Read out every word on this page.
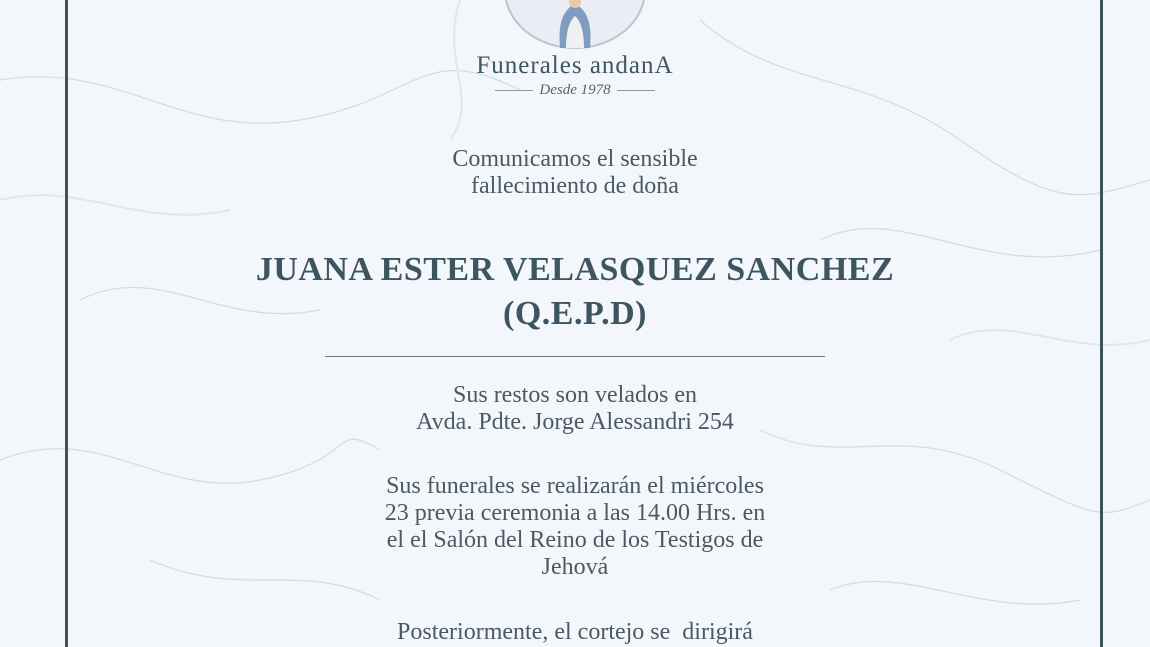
Funerales andanA
Desde 1978
Comunicamos el sensible
fallecimiento de doña
JUANA ESTER VELASQUEZ SANCHEZ
(Q.E.P.D)
Sus restos son velados en
Avda. Pdte. Jorge Alessandri 254
Sus funerales se realizarán el miércoles
23 previa ceremonia a las 14.00 Hrs. en
el el Salón del Reino de los Testigos de
Jehová
Posteriormente, el cortejo se  dirigirá
